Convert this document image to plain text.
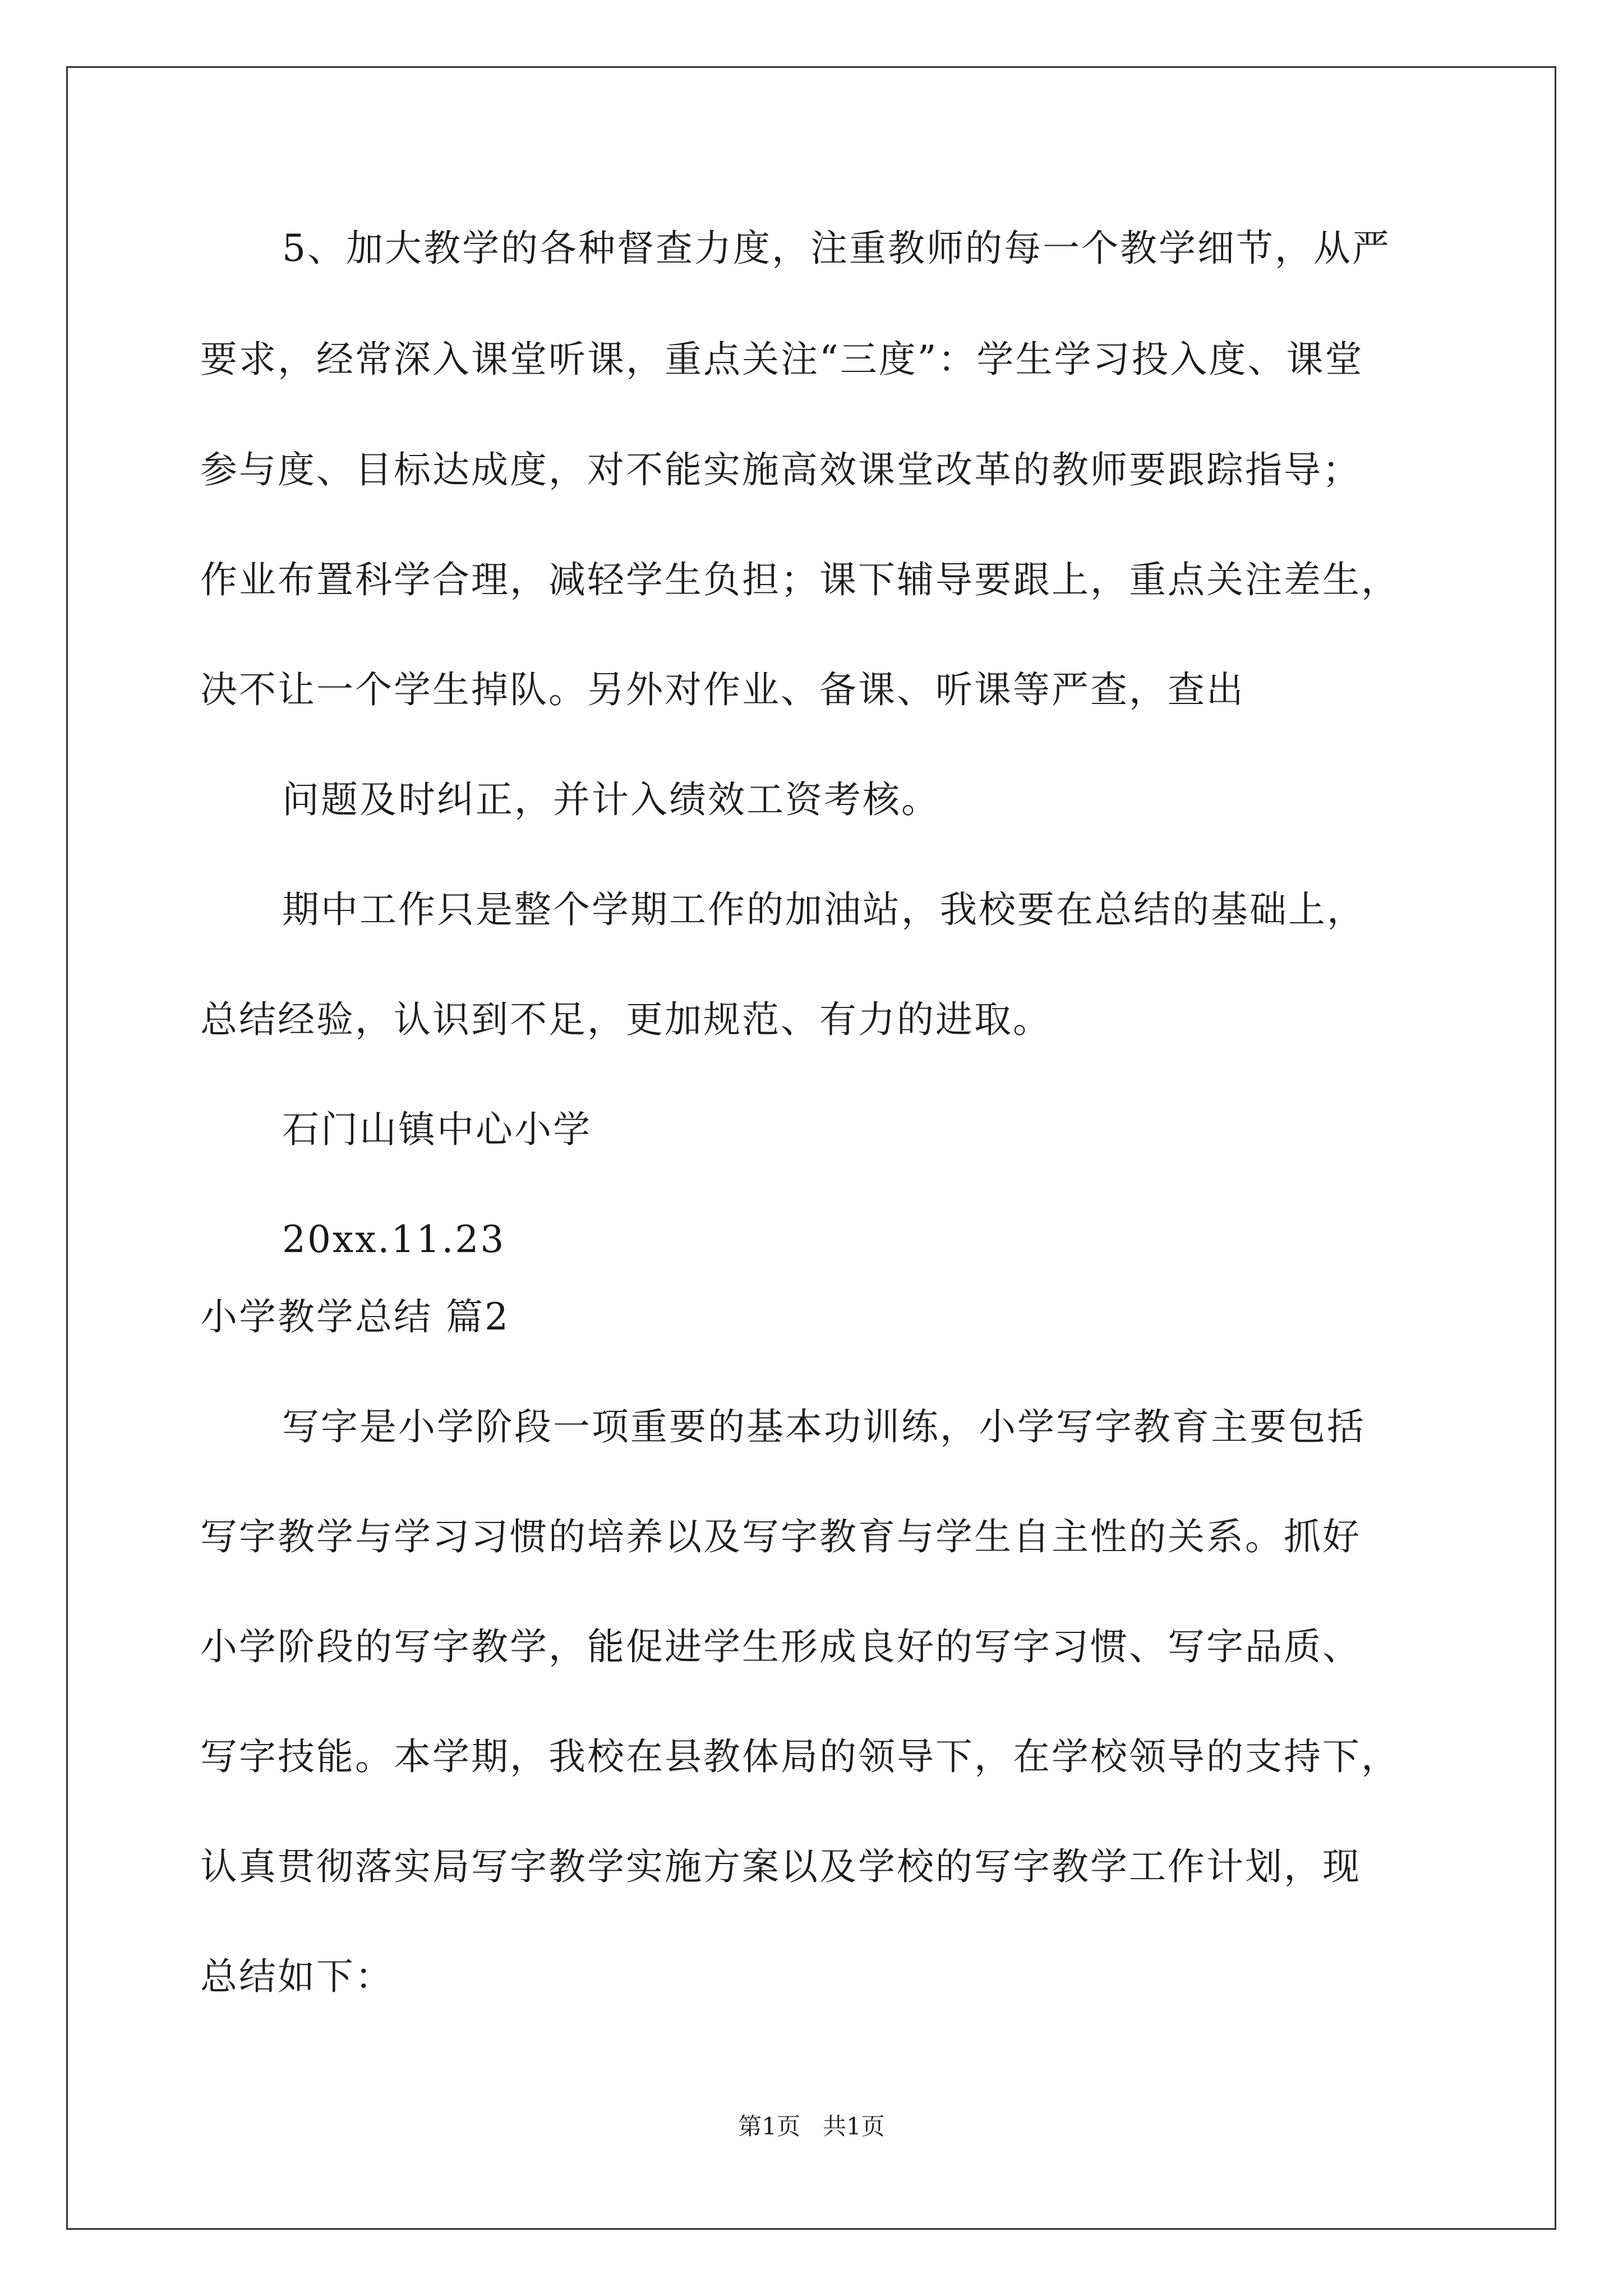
5、加大教学的各种督查力度，注重教师的每一个教学细节，从严
要求，经常深入课堂听课，重点关注“三度”：学生学习投入度、课堂
参与度、目标达成度，对不能实施高效课堂改革的教师要跟踪指导；
作业布置科学合理，减轻学生负担；课下辅导要跟上，重点关注差生，
决不让一个学生掉队。另外对作业、备课、听课等严查，查出
问题及时纠正，并计入绩效工资考核。
期中工作只是整个学期工作的加油站，我校要在总结的基础上，
总结经验，认识到不足，更加规范、有力的进取。
石门山镇中心小学
20xx.11.23
小学教学总结 篇2
写字是小学阶段一项重要的基本功训练，小学写字教育主要包括
写字教学与学习习惯的培养以及写字教育与学生自主性的关系。抓好
小学阶段的写字教学，能促进学生形成良好的写字习惯、写字品质、
写字技能。本学期，我校在县教体局的领导下，在学校领导的支持下，
认真贯彻落实局写字教学实施方案以及学校的写字教学工作计划，现
总结如下：
第1页   共1页
